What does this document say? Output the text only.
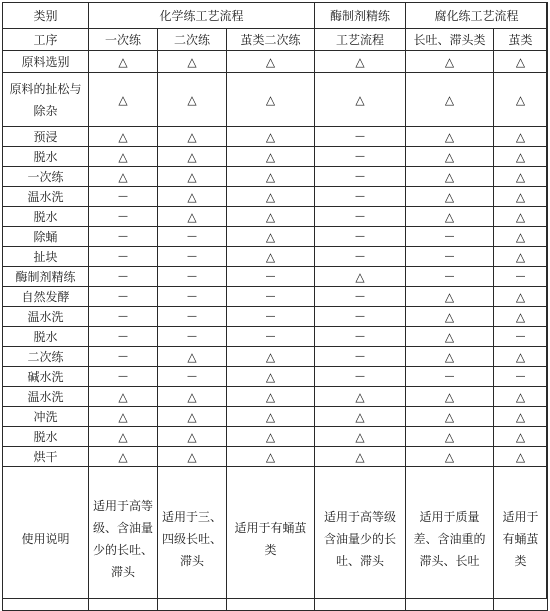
类别	化学练工艺流程			酶制剂精练	腐化练工艺流程	
工序	一次练	二次练	茧类二次练	工艺流程	长吐、滞头类	茧类
原料选别	△	△	△	△	△	△
原料的扯松与除杂	△	△	△	△	△	△
预浸	△	△	△	—	△	△
脱水	△	△	△	—	△	△
一次练	△	△	△	—	△	△
温水洗	—	△	△	—	△	△
脱水	—	△	△	—	△	△
除蛹	—	—	△	—	—	△
扯块	—	—	△	—	—	△
酶制剂精练	—	—	—	△	—	—
自然发酵	—	—	—	—	△	△
温水洗	—	—	—	—	△	△
脱水	—	—	—	—	△	—
二次练	—	△	△	—	△	△
碱水洗	—	—	△	—	—	—
温水洗	△	△	△	△	△	△
冲洗	△	△	△	△	△	△
脱水	△	△	△	△	△	△
烘干	△	△	△	△	△	△
使用说明	适用于高等级、含油量少的长吐、滞头	适用于三、四级长吐、滞头	适用于有蛹茧类	适用于高等级含油量少的长吐、滞头	适用于质量差、含油重的滞头、长吐	适用于有蛹茧类
